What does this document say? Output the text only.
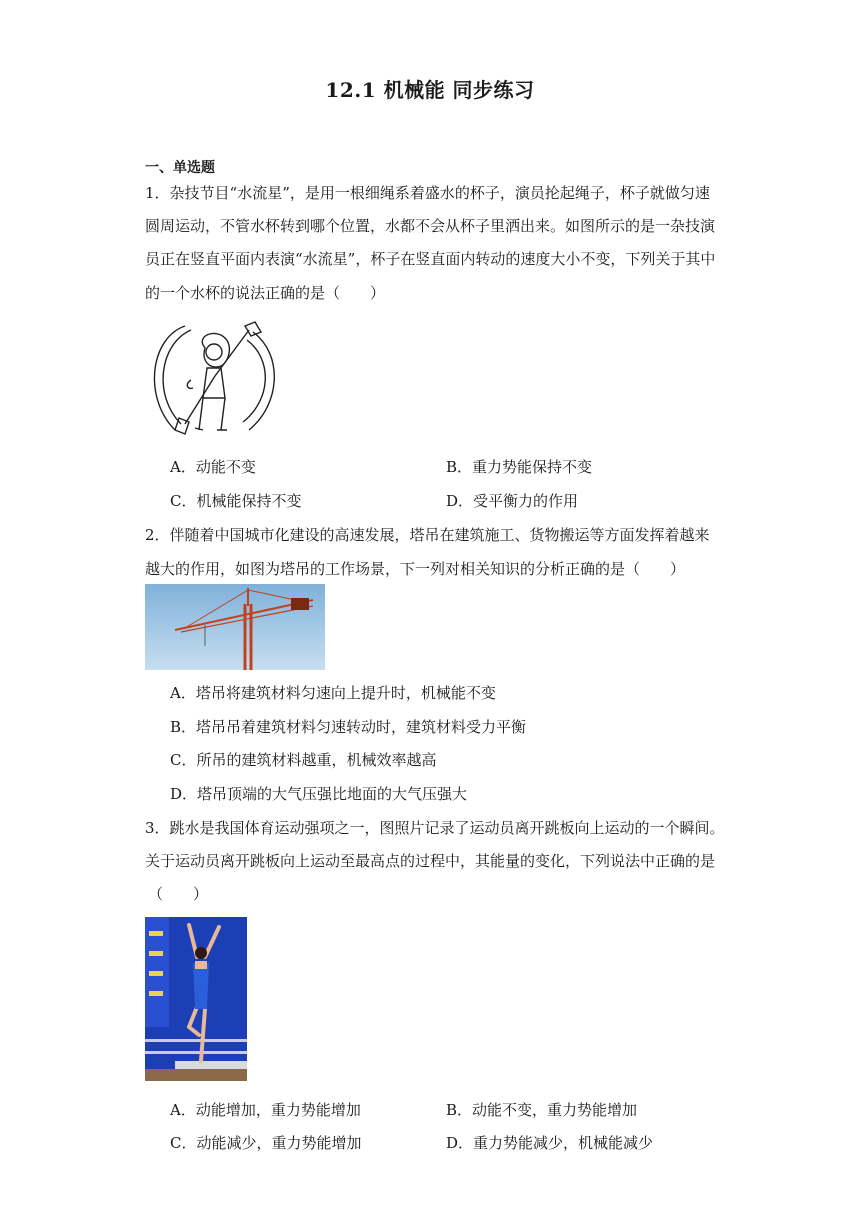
12.1 机械能 同步练习
一、单选题
1．杂技节目“水流星”，是用一根细绳系着盛水的杯子，演员抡起绳子，杯子就做匀速
圆周运动，不管水杯转到哪个位置，水都不会从杯子里洒出来。如图所示的是一杂技演
员正在竖直平面内表演“水流星”，杯子在竖直面内转动的速度大小不变，下列关于其中
的一个水杯的说法正确的是（　　）
A．动能不变	B．重力势能保持不变
C．机械能保持不变	D．受平衡力的作用
2．伴随着中国城市化建设的高速发展，塔吊在建筑施工、货物搬运等方面发挥着越来
越大的作用，如图为塔吊的工作场景，下一列对相关知识的分析正确的是（　　）
A．塔吊将建筑材料匀速向上提升时，机械能不变
B．塔吊吊着建筑材料匀速转动时，建筑材料受力平衡
C．所吊的建筑材料越重，机械效率越高
D．塔吊顶端的大气压强比地面的大气压强大
3．跳水是我国体育运动强项之一，图照片记录了运动员离开跳板向上运动的一个瞬间。
关于运动员离开跳板向上运动至最高点的过程中，其能量的变化，下列说法中正确的是
（　　）
A．动能增加，重力势能增加	B．动能不变，重力势能增加
C．动能减少，重力势能增加	D．重力势能减少，机械能减少
